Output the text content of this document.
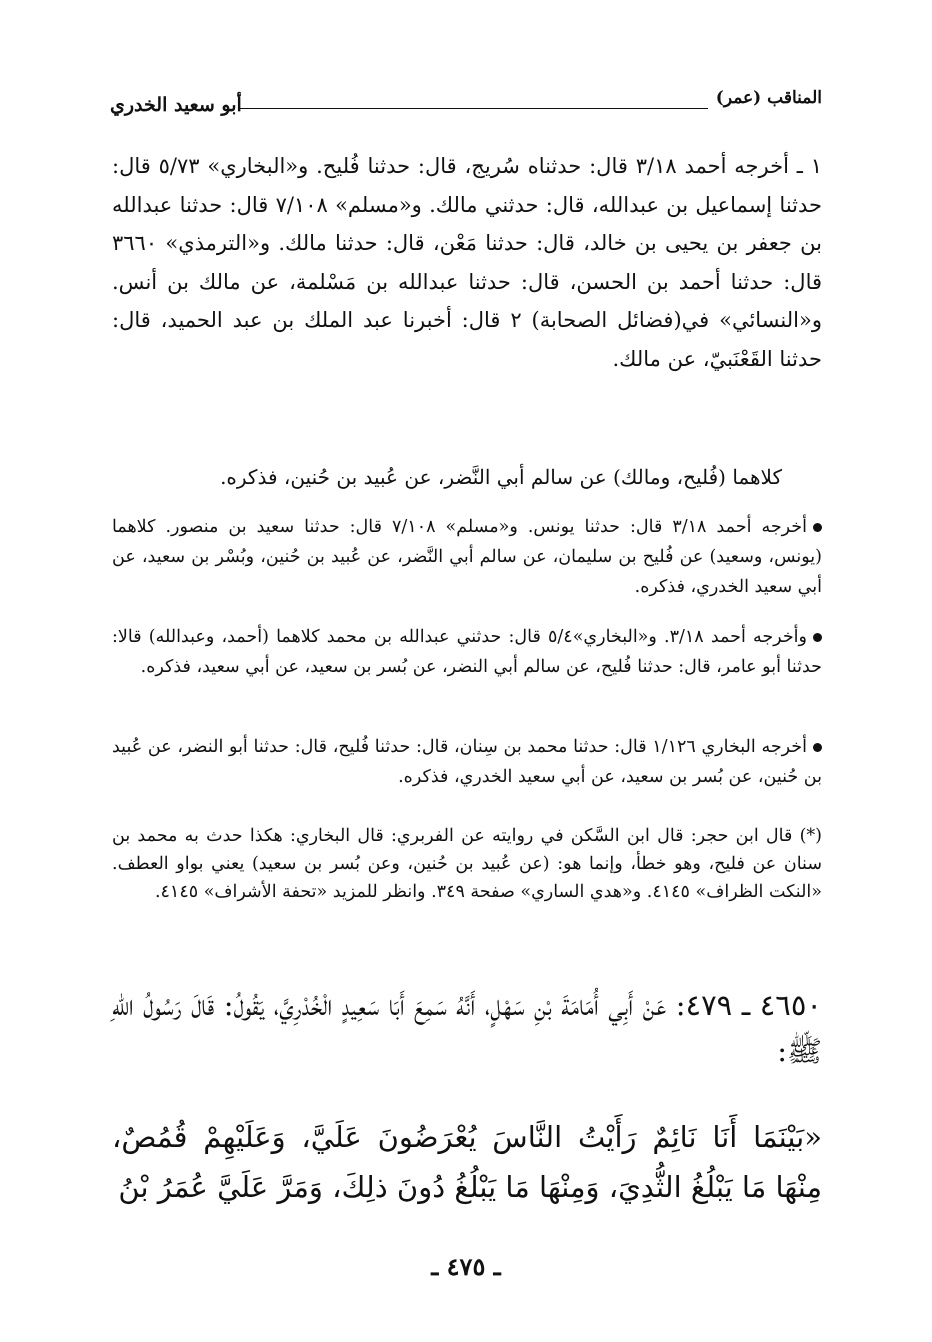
المناقب (عمر)
أبو سعيد الخدري

١ ـ أخرجه أحمد ٣/١٨ قال: حدثناه سُريج، قال: حدثنا فُليح. و«البخاري» ٥/٧٣ قال: حدثنا إسماعيل بن عبدالله، قال: حدثني مالك. و«مسلم» ٧/١٠٨ قال: حدثنا عبدالله بن جعفر بن يحيى بن خالد، قال: حدثنا مَعْن، قال: حدثنا مالك. و«الترمذي» ٣٦٦٠ قال: حدثنا أحمد بن الحسن، قال: حدثنا عبدالله بن مَسْلمة، عن مالك بن أنس. و«النسائي» في(فضائل الصحابة) ٢ قال: أخبرنا عبد الملك بن عبد الحميد، قال: حدثنا القَعْنَبيّ، عن مالك.

كلاهما (فُليح، ومالك) عن سالم أبي النَّضر، عن عُبيد بن حُنين، فذكره.

أخرجه أحمد ٣/١٨ قال: حدثنا يونس. و«مسلم» ٧/١٠٨ قال: حدثنا سعيد بن منصور. كلاهما (يونس، وسعيد) عن فُليح بن سليمان، عن سالم أبي النَّضر، عن عُبيد بن حُنين، وبُسْر بن سعيد، عن أبي سعيد الخدري، فذكره.

وأخرجه أحمد ٣/١٨. و«البخاري»٥/٤ قال: حدثني عبدالله بن محمد كلاهما (أحمد، وعبدالله) قالا: حدثنا أبو عامر، قال: حدثنا فُليح، عن سالم أبي النضر، عن بُسر بن سعيد، عن أبي سعيد، فذكره.

أخرجه البخاري ١/١٢٦ قال: حدثنا محمد بن سِنان، قال: حدثنا فُليح، قال: حدثنا أبو النضر، عن عُبيد بن حُنين، عن بُسر بن سعيد، عن أبي سعيد الخدري، فذكره.

(*) قال ابن حجر: قال ابن السَّكن في روايته عن الفربري: قال البخاري: هكذا حدث به محمد بن سنان عن فليح، وهو خطأ، وإنما هو: (عن عُبيد بن حُنين، وعن بُسر بن سعيد) يعني بواو العطف. «النكت الظراف» ٤١٤٥. و«هدي الساري» صفحة ٣٤٩. وانظر للمزيد «تحفة الأشراف» ٤١٤٥.

٤٦٥٠ ـ ٤٧٩: عَنْ أَبِي أُمَامَةَ بْنِ سَهْلٍ، أَنَّهُ سَمِعَ أَبَا سَعِيدٍ الْخُدْرِيَّ، يَقُولُ: قَالَ رَسُولُ اللهِ ﷺ:

«بَيْنَمَا أَنَا نَائِمٌ رَأَيْتُ النَّاسَ يُعْرَضُونَ عَلَيَّ، وَعَلَيْهِمْ قُمُصٌ، مِنْهَا مَا يَبْلُغُ الثُّدِيَ، وَمِنْهَا مَا يَبْلُغُ دُونَ ذلِكَ، وَمَرَّ عَلَيَّ عُمَرُ بْنُ

ـ ٤٧٥ ـ
